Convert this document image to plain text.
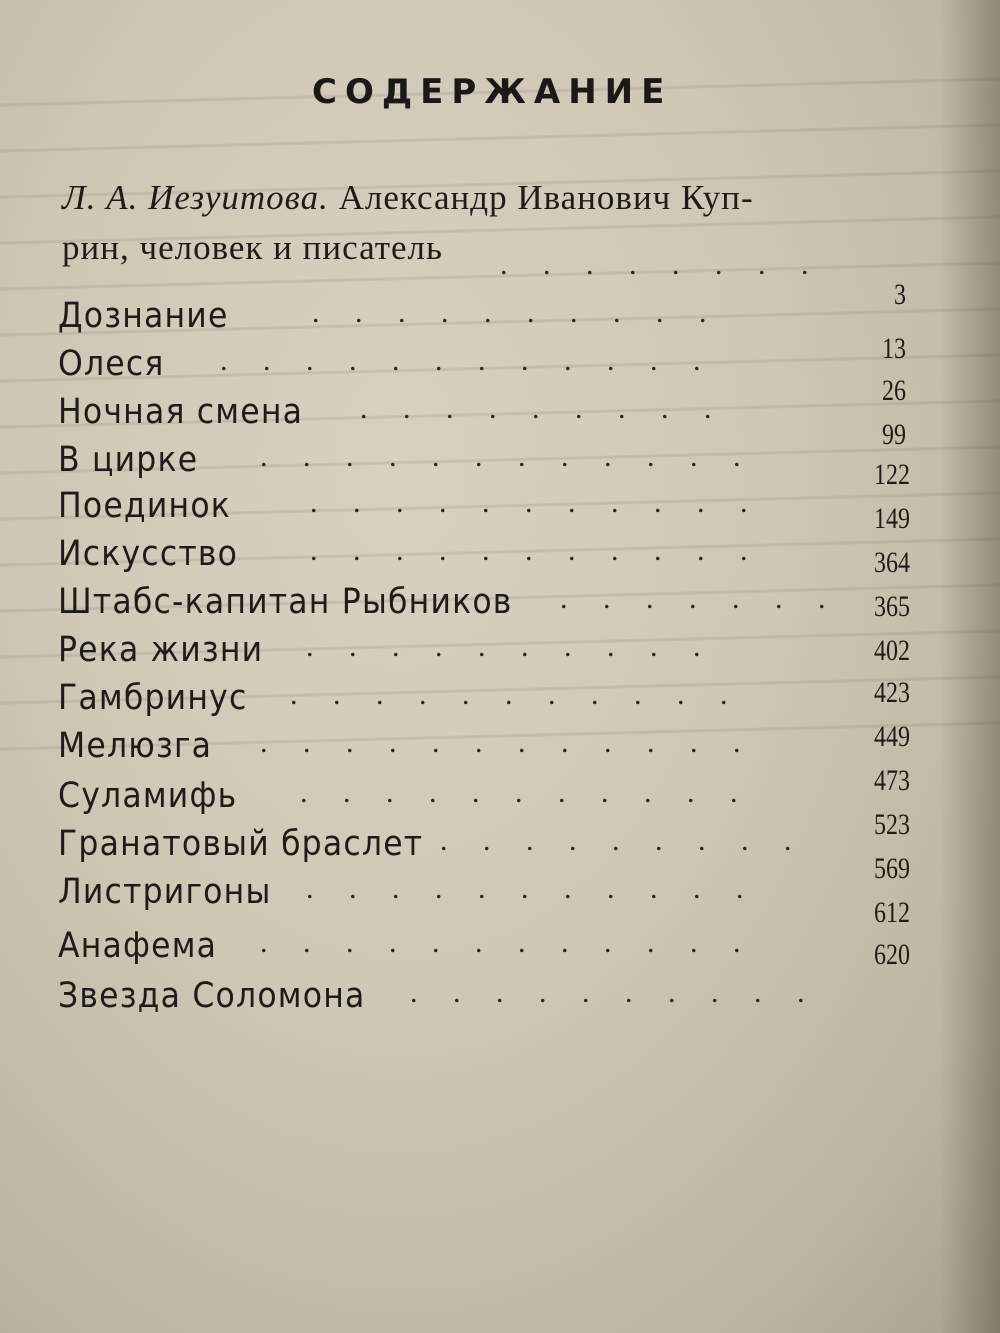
СОДЕРЖАНИЕ
Л. А. Иезуитова. Александр Иванович Куп-
рин, человек и писатель . . . . . . . .
Дознание	. . . . . . . . . .
Олеся . . . . . . . . . . . .
Ночная смена . . . . . . . . .
В цирке . . . . . . . . . . . .
Поединок	. . . . . . . . . . .
Искусство . . . . . . . . . . .
Штабс-капитан Рыбников . . . . . . .
Река жизни . . . . . . . . . .
Гамбринус . . . . . . . . . . .
Мелюзга . . . . . . . . . . . .
Суламифь . . . . . . . . . . .
Гранатовый браслет . . . . . . . . .
Листригоны . . . . . . . . . . .
Анафема . . . . . . . . . . . .
Звезда Соломона . . . . . . . . . .
3
13
26
99
122
149
364
365
402
423
449
473
523
569
612
620
